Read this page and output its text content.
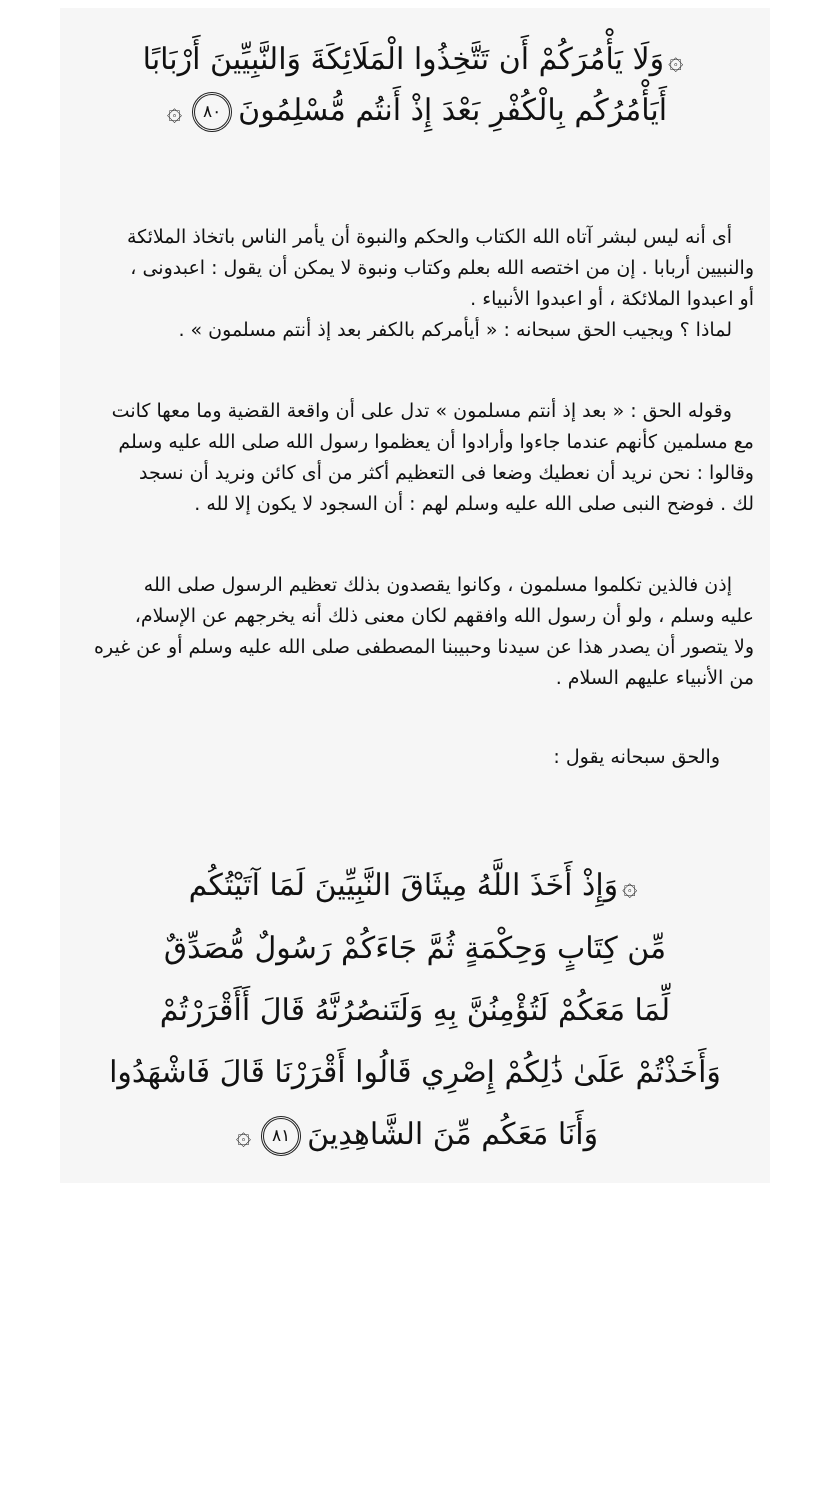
۞وَلَا يَأْمُرَكُمْ أَن تَتَّخِذُوا الْمَلَائِكَةَ وَالنَّبِيِّينَ أَرْبَابًا
أَيَأْمُرُكُم بِالْكُفْرِ بَعْدَ إِذْ أَنتُم مُّسْلِمُونَ٨٠۞
أى أنه ليس لبشر آتاه الله الكتاب والحكم والنبوة أن يأمر الناس باتخاذ الملائكة
والنبيين أربابا . إن من اختصه الله بعلم وكتاب ونبوة لا يمكن أن يقول : اعبدونى ،
أو اعبدوا الملائكة ، أو اعبدوا الأنبياء .
لماذا ؟ ويجيب الحق سبحانه : « أيأمركم بالكفر بعد إذ أنتم مسلمون » .
وقوله الحق : « بعد إذ أنتم مسلمون » تدل على أن واقعة القضية وما معها كانت
مع مسلمين كأنهم عندما جاءوا وأرادوا أن يعظموا رسول الله صلى الله عليه وسلم
وقالوا : نحن نريد أن نعطيك وضعا فى التعظيم أكثر من أى كائن ونريد أن نسجد
لك . فوضح النبى صلى الله عليه وسلم لهم : أن السجود لا يكون إلا لله .
إذن فالذين تكلموا مسلمون ، وكانوا يقصدون بذلك تعظيم الرسول صلى الله
عليه وسلم ، ولو أن رسول الله وافقهم لكان معنى ذلك أنه يخرجهم عن الإسلام،
ولا يتصور أن يصدر هذا عن سيدنا وحبيبنا المصطفى صلى الله عليه وسلم أو عن غيره
من الأنبياء عليهم السلام .
والحق سبحانه يقول :
۞وَإِذْ أَخَذَ اللَّهُ مِيثَاقَ النَّبِيِّينَ لَمَا آتَيْتُكُم
مِّن كِتَابٍ وَحِكْمَةٍ ثُمَّ جَاءَكُمْ رَسُولٌ مُّصَدِّقٌ
لِّمَا مَعَكُمْ لَتُؤْمِنُنَّ بِهِ وَلَتَنصُرُنَّهُ قَالَ أَأَقْرَرْتُمْ
وَأَخَذْتُمْ عَلَىٰ ذَٰلِكُمْ إِصْرِي قَالُوا أَقْرَرْنَا قَالَ فَاشْهَدُوا
وَأَنَا مَعَكُم مِّنَ الشَّاهِدِينَ٨١۞
